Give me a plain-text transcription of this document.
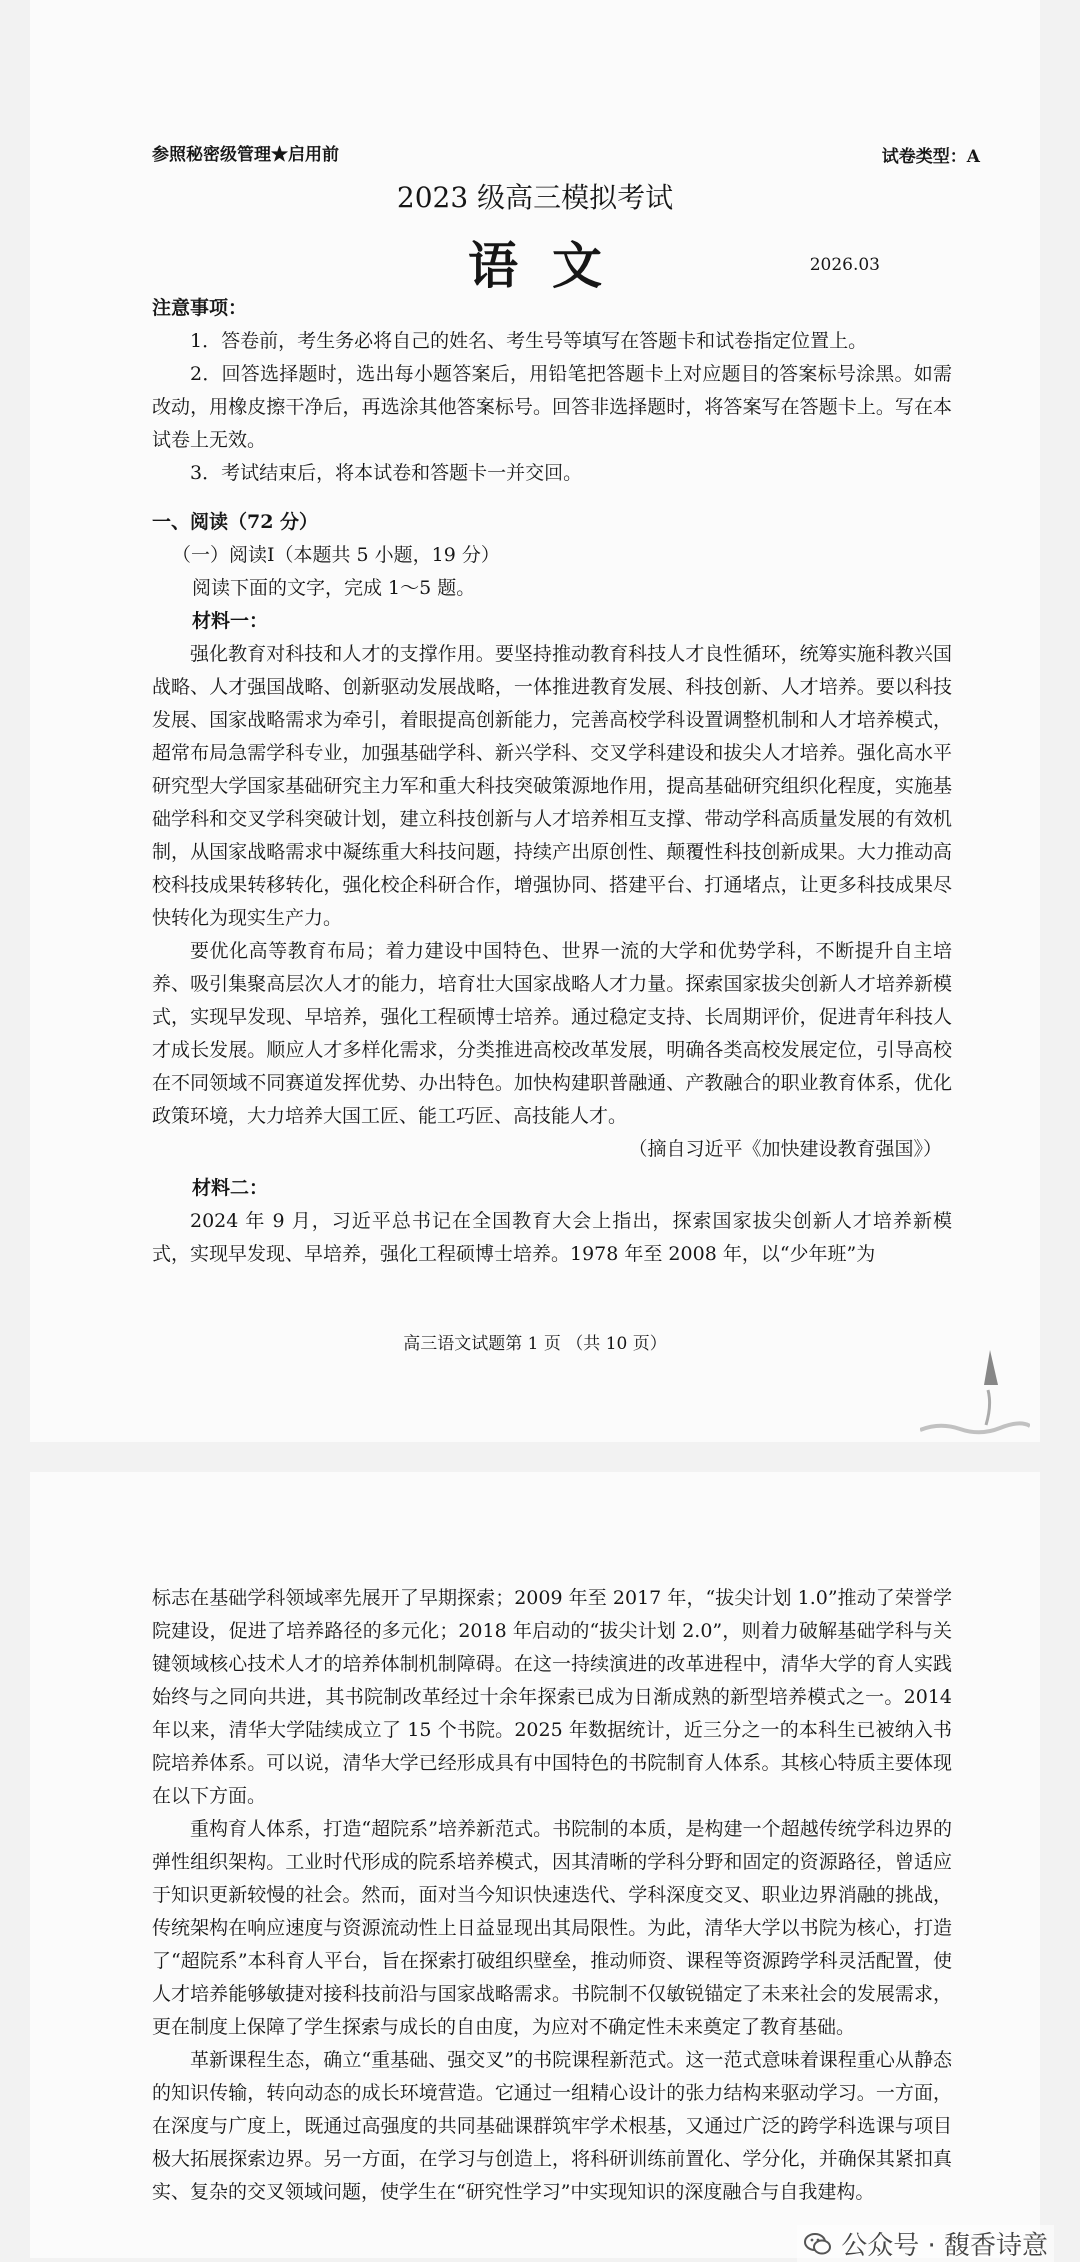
参照秘密级管理★启用前	试卷类型：A
2023 级高三模拟考试
语文	2026.03

注意事项：

1．答卷前，考生务必将自己的姓名、考生号等填写在答题卡和试卷指定位置上。

2．回答选择题时，选出每小题答案后，用铅笔把答题卡上对应题目的答案标号涂黑。如需改动，用橡皮擦干净后，再选涂其他答案标号。回答非选择题时，将答案写在答题卡上。写在本试卷上无效。

3．考试结束后，将本试卷和答题卡一并交回。

一、阅读（72 分）

（一）阅读Ⅰ（本题共 5 小题，19 分）

阅读下面的文字，完成 1～5 题。

材料一：

强化教育对科技和人才的支撑作用。要坚持推动教育科技人才良性循环，统筹实施科教兴国战略、人才强国战略、创新驱动发展战略，一体推进教育发展、科技创新、人才培养。要以科技发展、国家战略需求为牵引，着眼提高创新能力，完善高校学科设置调整机制和人才培养模式，超常布局急需学科专业，加强基础学科、新兴学科、交叉学科建设和拔尖人才培养。强化高水平研究型大学国家基础研究主力军和重大科技突破策源地作用，提高基础研究组织化程度，实施基础学科和交叉学科突破计划，建立科技创新与人才培养相互支撑、带动学科高质量发展的有效机制，从国家战略需求中凝练重大科技问题，持续产出原创性、颠覆性科技创新成果。大力推动高校科技成果转移转化，强化校企科研合作，增强协同、搭建平台、打通堵点，让更多科技成果尽快转化为现实生产力。

要优化高等教育布局；着力建设中国特色、世界一流的大学和优势学科，不断提升自主培养、吸引集聚高层次人才的能力，培育壮大国家战略人才力量。探索国家拔尖创新人才培养新模式，实现早发现、早培养，强化工程硕博士培养。通过稳定支持、长周期评价，促进青年科技人才成长发展。顺应人才多样化需求，分类推进高校改革发展，明确各类高校发展定位，引导高校在不同领域不同赛道发挥优势、办出特色。加快构建职普融通、产教融合的职业教育体系，优化政策环境，大力培养大国工匠、能工巧匠、高技能人才。

（摘自习近平《加快建设教育强国》）

材料二：

2024 年 9 月，习近平总书记在全国教育大会上指出，探索国家拔尖创新人才培养新模式，实现早发现、早培养，强化工程硕博士培养。1978 年至 2008 年，以“少年班”为

高三语文试题第 1 页 （共 10 页）

标志在基础学科领域率先展开了早期探索；2009 年至 2017 年，“拔尖计划 1.0”推动了荣誉学院建设，促进了培养路径的多元化；2018 年启动的“拔尖计划 2.0”，则着力破解基础学科与关键领域核心技术人才的培养体制机制障碍。在这一持续演进的改革进程中，清华大学的育人实践始终与之同向共进，其书院制改革经过十余年探索已成为日渐成熟的新型培养模式之一。2014 年以来，清华大学陆续成立了 15 个书院。2025 年数据统计，近三分之一的本科生已被纳入书院培养体系。可以说，清华大学已经形成具有中国特色的书院制育人体系。其核心特质主要体现在以下方面。

重构育人体系，打造“超院系”培养新范式。书院制的本质，是构建一个超越传统学科边界的弹性组织架构。工业时代形成的院系培养模式，因其清晰的学科分野和固定的资源路径，曾适应于知识更新较慢的社会。然而，面对当今知识快速迭代、学科深度交叉、职业边界消融的挑战，传统架构在响应速度与资源流动性上日益显现出其局限性。为此，清华大学以书院为核心，打造了“超院系”本科育人平台，旨在探索打破组织壁垒，推动师资、课程等资源跨学科灵活配置，使人才培养能够敏捷对接科技前沿与国家战略需求。书院制不仅敏锐锚定了未来社会的发展需求，更在制度上保障了学生探索与成长的自由度，为应对不确定性未来奠定了教育基础。

革新课程生态，确立“重基础、强交叉”的书院课程新范式。这一范式意味着课程重心从静态的知识传输，转向动态的成长环境营造。它通过一组精心设计的张力结构来驱动学习。一方面，在深度与广度上，既通过高强度的共同基础课群筑牢学术根基，又通过广泛的跨学科选课与项目极大拓展探索边界。另一方面，在学习与创造上，将科研训练前置化、学分化，并确保其紧扣真实、复杂的交叉领域问题，使学生在“研究性学习”中实现知识的深度融合与自我建构。

公众号 · 馥香诗意
